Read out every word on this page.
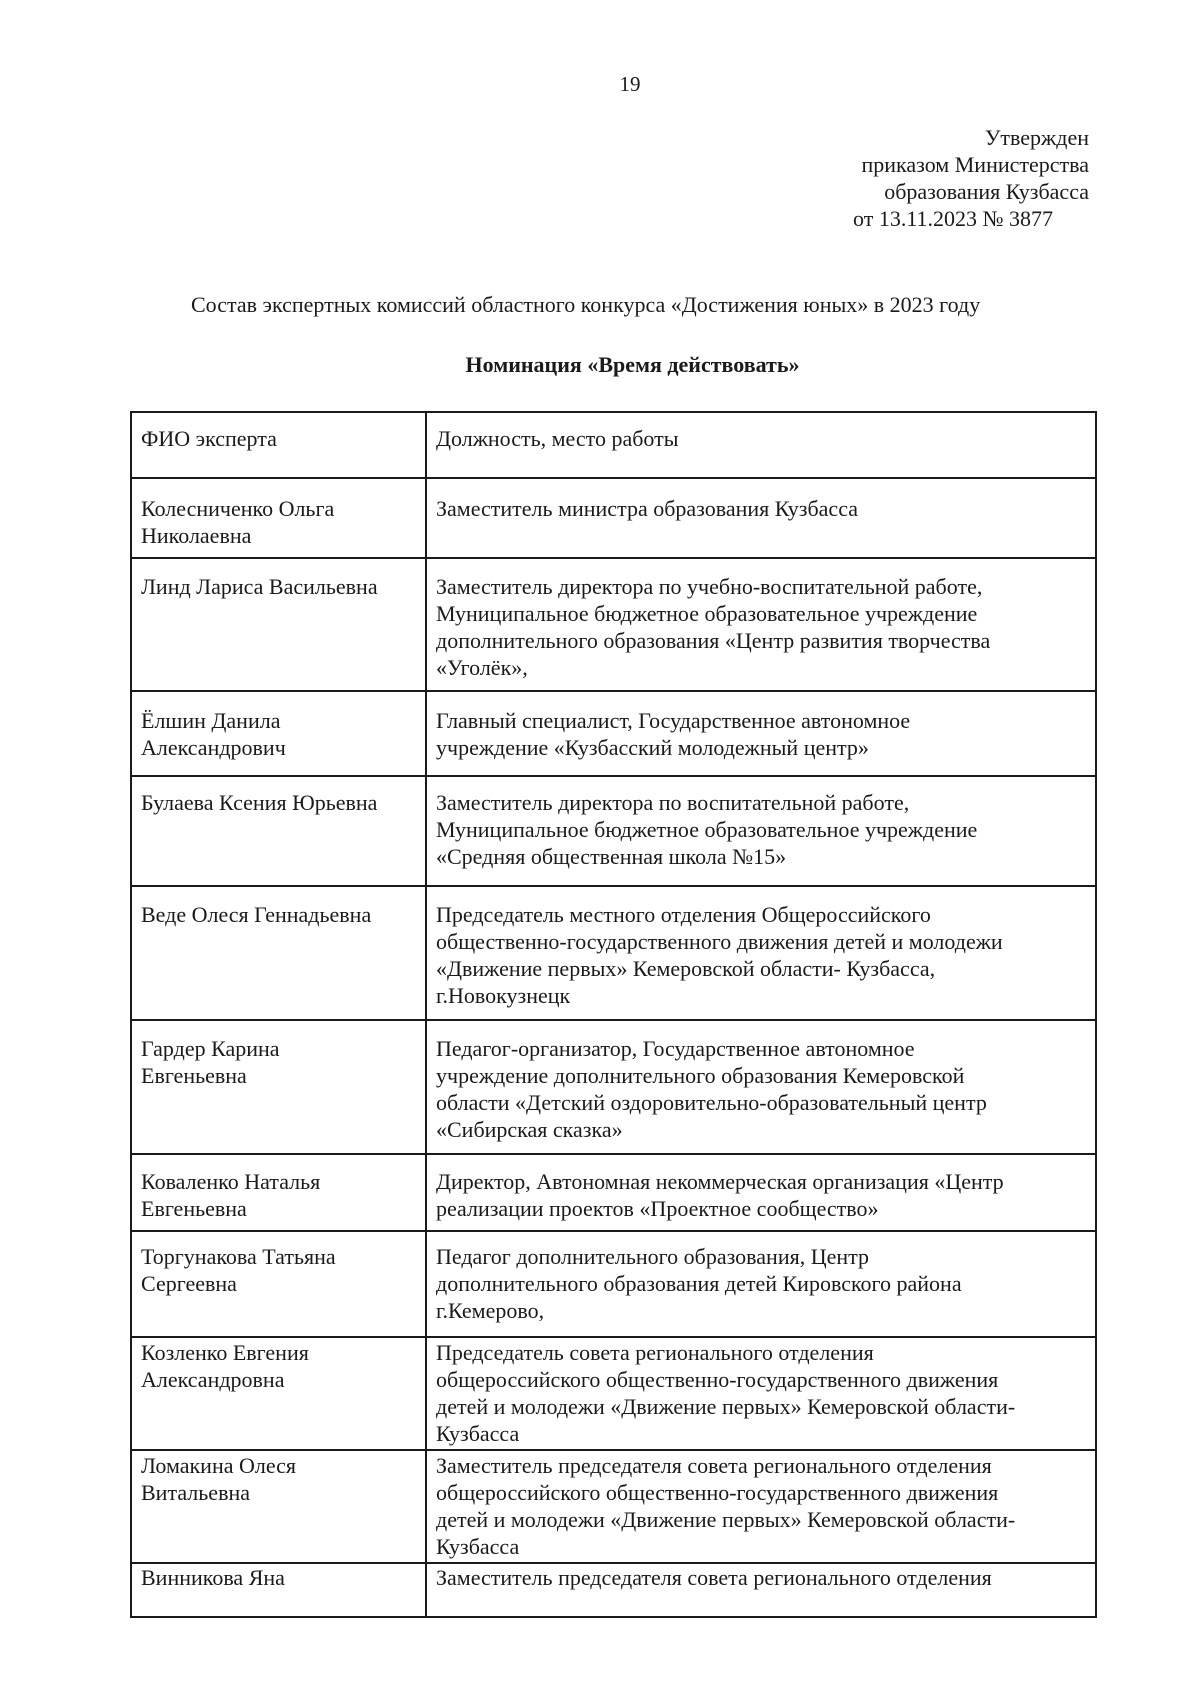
19
Утвержден
приказом Министерства
образования Кузбасса
от 13.11.2023 № 3877
Состав экспертных комиссий областного конкурса «Достижения юных» в 2023 году
Номинация «Время действовать»
ФИО эксперта	Должность, место работы

Колесниченко Ольга
Николаевна	Заместитель министра образования Кузбасса

Линд Лариса Васильевна	Заместитель директора по учебно-воспитательной работе,
Муниципальное бюджетное образовательное учреждение
дополнительного образования «Центр развития творчества
«Уголёк»,

Ёлшин Данила
Александрович	Главный специалист, Государственное автономное
учреждение «Кузбасский молодежный центр»

Булаева Ксения Юрьевна	Заместитель директора по воспитательной работе,
Муниципальное бюджетное образовательное учреждение
«Средняя общественная школа №15»

Веде Олеся Геннадьевна	Председатель местного отделения Общероссийского
общественно-государственного движения детей и молодежи
«Движение первых» Кемеровской области- Кузбасса,
г.Новокузнецк

Гардер Карина
Евгеньевна	Педагог-организатор, Государственное автономное
учреждение дополнительного образования Кемеровской
области «Детский оздоровительно-образовательный центр
«Сибирская сказка»

Коваленко Наталья
Евгеньевна	Директор, Автономная некоммерческая организация «Центр
реализации проектов «Проектное сообщество»

Торгунакова Татьяна
Сергеевна	Педагог дополнительного образования, Центр
дополнительного образования детей Кировского района
г.Кемерово,

Козленко Евгения
Александровна	Председатель совета регионального отделения
общероссийского общественно-государственного движения
детей и молодежи «Движение первых» Кемеровской области-
Кузбасса

Ломакина Олеся
Витальевна	Заместитель председателя совета регионального отделения
общероссийского общественно-государственного движения
детей и молодежи «Движение первых» Кемеровской области-
Кузбасса

Винникова Яна	Заместитель председателя совета регионального отделения
